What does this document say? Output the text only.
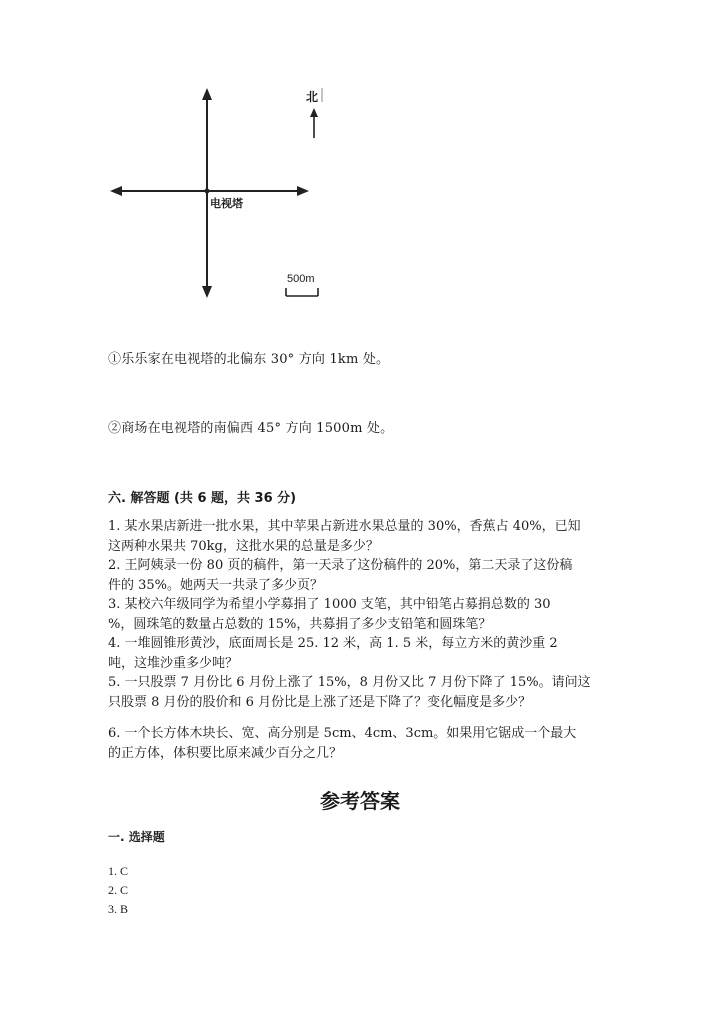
北
电视塔
500m
①乐乐家在电视塔的北偏东 30° 方向 1km 处。
②商场在电视塔的南偏西 45° 方向 1500m 处。
六. 解答题 (共 6 题，共 36 分)

1. 某水果店新进一批水果，其中苹果占新进水果总量的 30%，香蕉占 40%，已知

这两种水果共 70kg，这批水果的总量是多少？

2. 王阿姨录一份 80 页的稿件，第一天录了这份稿件的 20%，第二天录了这份稿

件的 35%。她两天一共录了多少页？

3. 某校六年级同学为希望小学募捐了 1000 支笔，其中铅笔占募捐总数的 30

%，圆珠笔的数量占总数的 15%，共募捐了多少支铅笔和圆珠笔？

4. 一堆圆锥形黄沙，底面周长是 25. 12 米，高 1. 5 米，每立方米的黄沙重 2

吨，这堆沙重多少吨？

5. 一只股票 7 月份比 6 月份上涨了 15%，8 月份又比 7 月份下降了 15%。请问这

只股票 8 月份的股价和 6 月份比是上涨了还是下降了？变化幅度是多少？

6. 一个长方体木块长、宽、高分别是 5cm、4cm、3cm。如果用它锯成一个最大

的正方体，体积要比原来减少百分之几？

参考答案
一. 选择题
1. C
2. C
3. B
